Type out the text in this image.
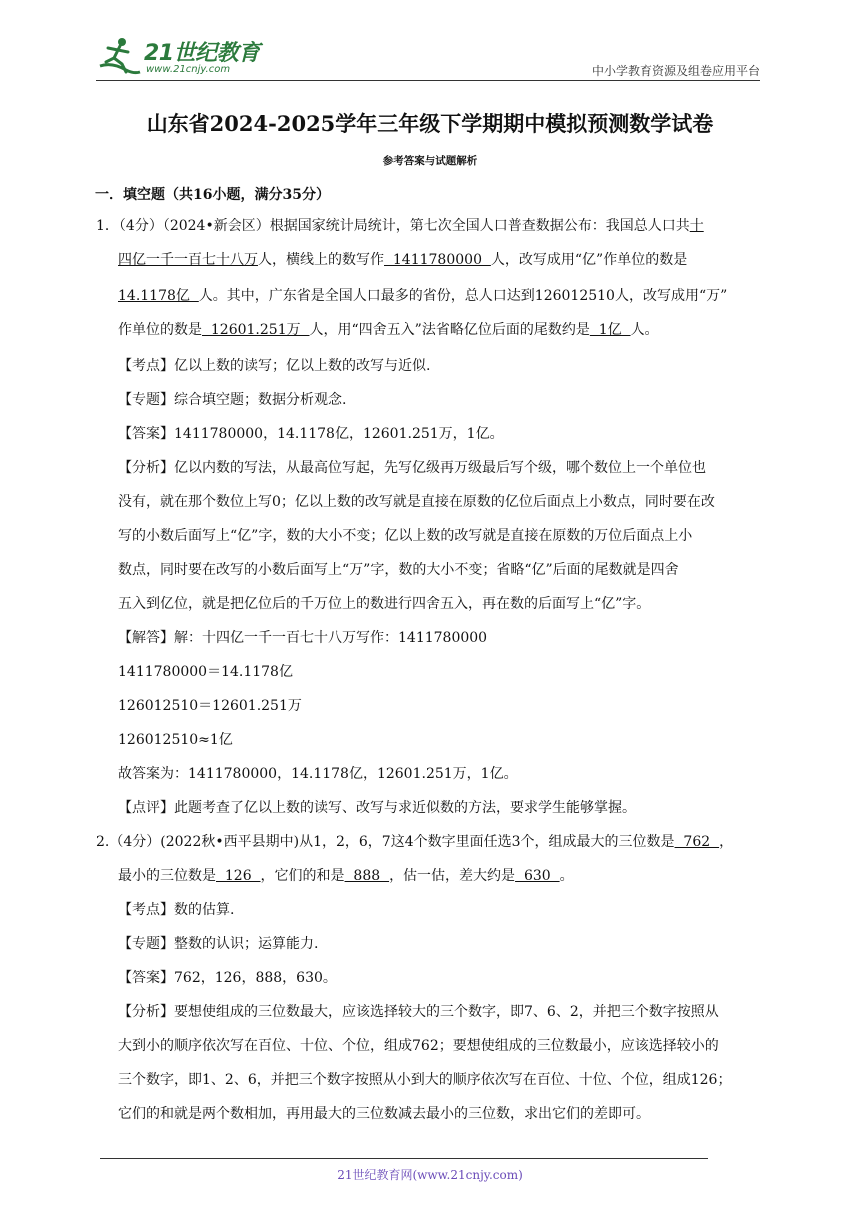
21世纪教育
www.21cnjy.com	中小学教育资源及组卷应用平台
山东省2024-2025学年三年级下学期期中模拟预测数学试卷
参考答案与试题解析
一．填空题（共16小题，满分35分）
1．（4分）（2024•新会区）根据国家统计局统计，第七次全国人口普查数据公布：我国总人口共十
四亿一千一百七十八万人，横线上的数写作  1411780000  人，改写成用“亿”作单位的数是
14.1178亿  人。其中，广东省是全国人口最多的省份，总人口达到126012510人，改写成用“万”
作单位的数是  12601.251万  人，用“四舍五入”法省略亿位后面的尾数约是  1亿  人。
【考点】亿以上数的读写；亿以上数的改写与近似.
【专题】综合填空题；数据分析观念.
【答案】1411780000，14.1178亿，12601.251万，1亿。
【分析】亿以内数的写法，从最高位写起，先写亿级再万级最后写个级，哪个数位上一个单位也
没有，就在那个数位上写0；亿以上数的改写就是直接在原数的亿位后面点上小数点，同时要在改
写的小数后面写上“亿”字，数的大小不变；亿以上数的改写就是直接在原数的万位后面点上小
数点，同时要在改写的小数后面写上“万”字，数的大小不变；省略“亿”后面的尾数就是四舍
五入到亿位，就是把亿位后的千万位上的数进行四舍五入，再在数的后面写上“亿”字。
【解答】解：十四亿一千一百七十八万写作：1411780000
1411780000＝14.1178亿
126012510＝12601.251万
126012510≈1亿
故答案为：1411780000，14.1178亿，12601.251万，1亿。
【点评】此题考查了亿以上数的读写、改写与求近似数的方法，要求学生能够掌握。
2.（4分）(2022秋•西平县期中)从1，2，6，7这4个数字里面任选3个，组成最大的三位数是  762  ，
最小的三位数是  126  ，它们的和是  888  ，估一估，差大约是  630  。
【考点】数的估算.
【专题】整数的认识；运算能力.
【答案】762，126，888，630。
【分析】要想使组成的三位数最大，应该选择较大的三个数字，即7、6、2，并把三个数字按照从
大到小的顺序依次写在百位、十位、个位，组成762；要想使组成的三位数最小，应该选择较小的
三个数字，即1、2、6，并把三个数字按照从小到大的顺序依次写在百位、十位、个位，组成126；
它们的和就是两个数相加，再用最大的三位数减去最小的三位数，求出它们的差即可。
21世纪教育网(www.21cnjy.com)
